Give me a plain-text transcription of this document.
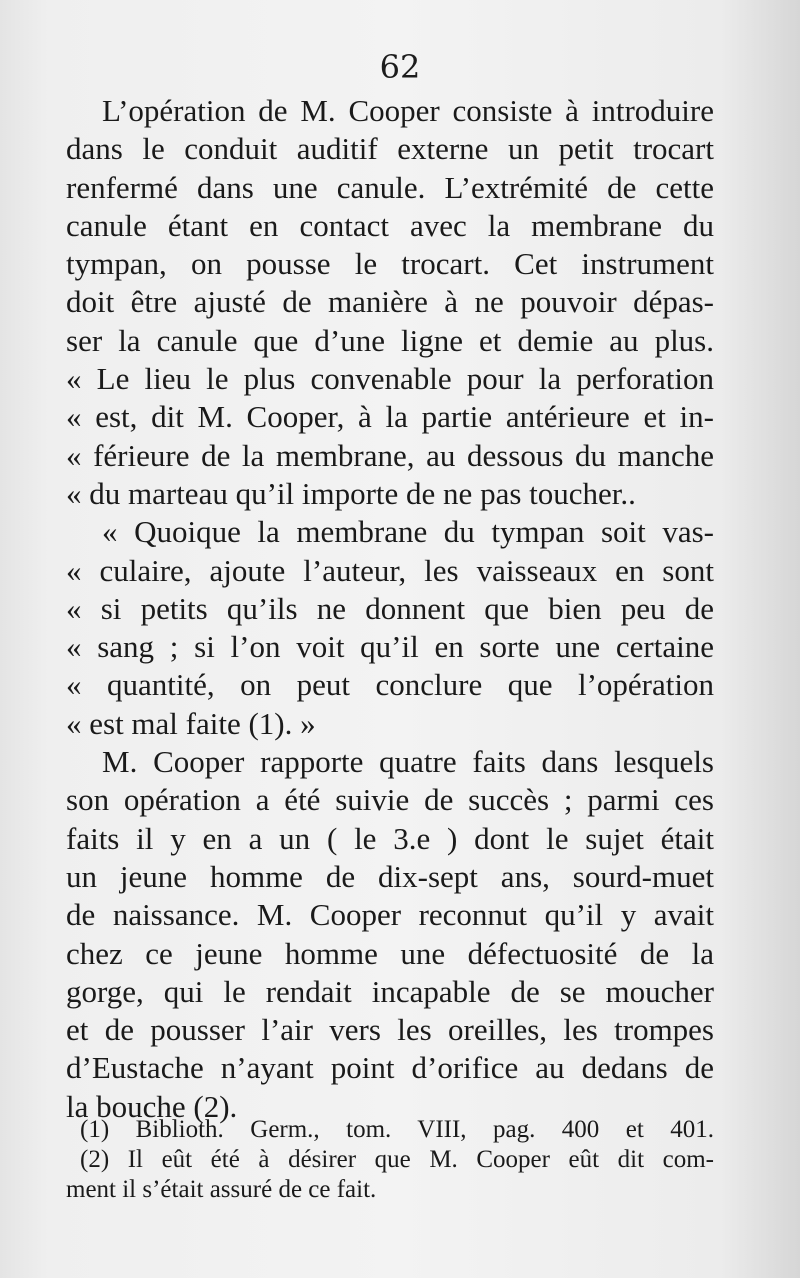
62
L’opération de M. Cooper consiste à introduire
dans le conduit auditif externe un petit trocart
renfermé dans une canule. L’extrémité de cette
canule étant en contact avec la membrane du
tympan, on pousse le trocart. Cet instrument
doit être ajusté de manière à ne pouvoir dépas-
ser la canule que d’une ligne et demie au plus.
« Le lieu le plus convenable pour la perforation
« est, dit M. Cooper, à la partie antérieure et in-
« férieure de la membrane, au dessous du manche
« du marteau qu’il importe de ne pas toucher..
« Quoique la membrane du tympan soit vas-
« culaire, ajoute l’auteur, les vaisseaux en sont
« si petits qu’ils ne donnent que bien peu de
« sang ; si l’on voit qu’il en sorte une certaine
« quantité, on peut conclure que l’opération
« est mal faite (1). »
M. Cooper rapporte quatre faits dans lesquels
son opération a été suivie de succès ; parmi ces
faits il y en a un ( le 3.e ) dont le sujet était
un jeune homme de dix-sept ans, sourd-muet
de naissance. M. Cooper reconnut qu’il y avait
chez ce jeune homme une défectuosité de la
gorge, qui le rendait incapable de se moucher
et de pousser l’air vers les oreilles, les trompes
d’Eustache n’ayant point d’orifice au dedans de
la bouche (2).
(1) Biblioth. Germ., tom. VIII, pag. 400 et 401.
(2) Il eût été à désirer que M. Cooper eût dit com-
ment il s’était assuré de ce fait.
